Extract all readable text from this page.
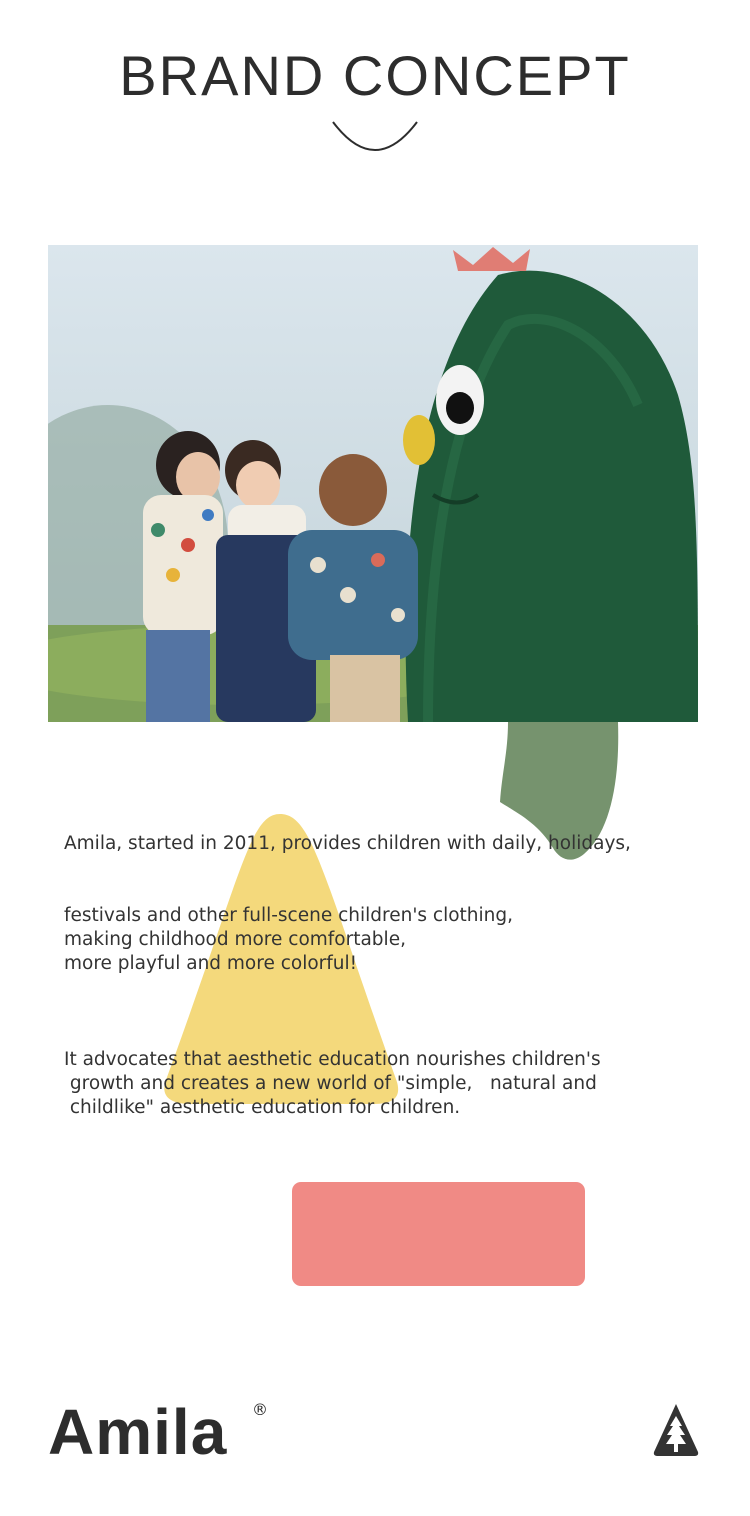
BRAND CONCEPT

Amila, started in 2011, provides children with daily, holidays,

festivals and other full-scene children's clothing,
making childhood more comfortable,
more playful and more colorful!

It advocates that aesthetic education nourishes children's
growth and creates a new world of "simple,   natural and
childlike" aesthetic education for children.

Amila ®
